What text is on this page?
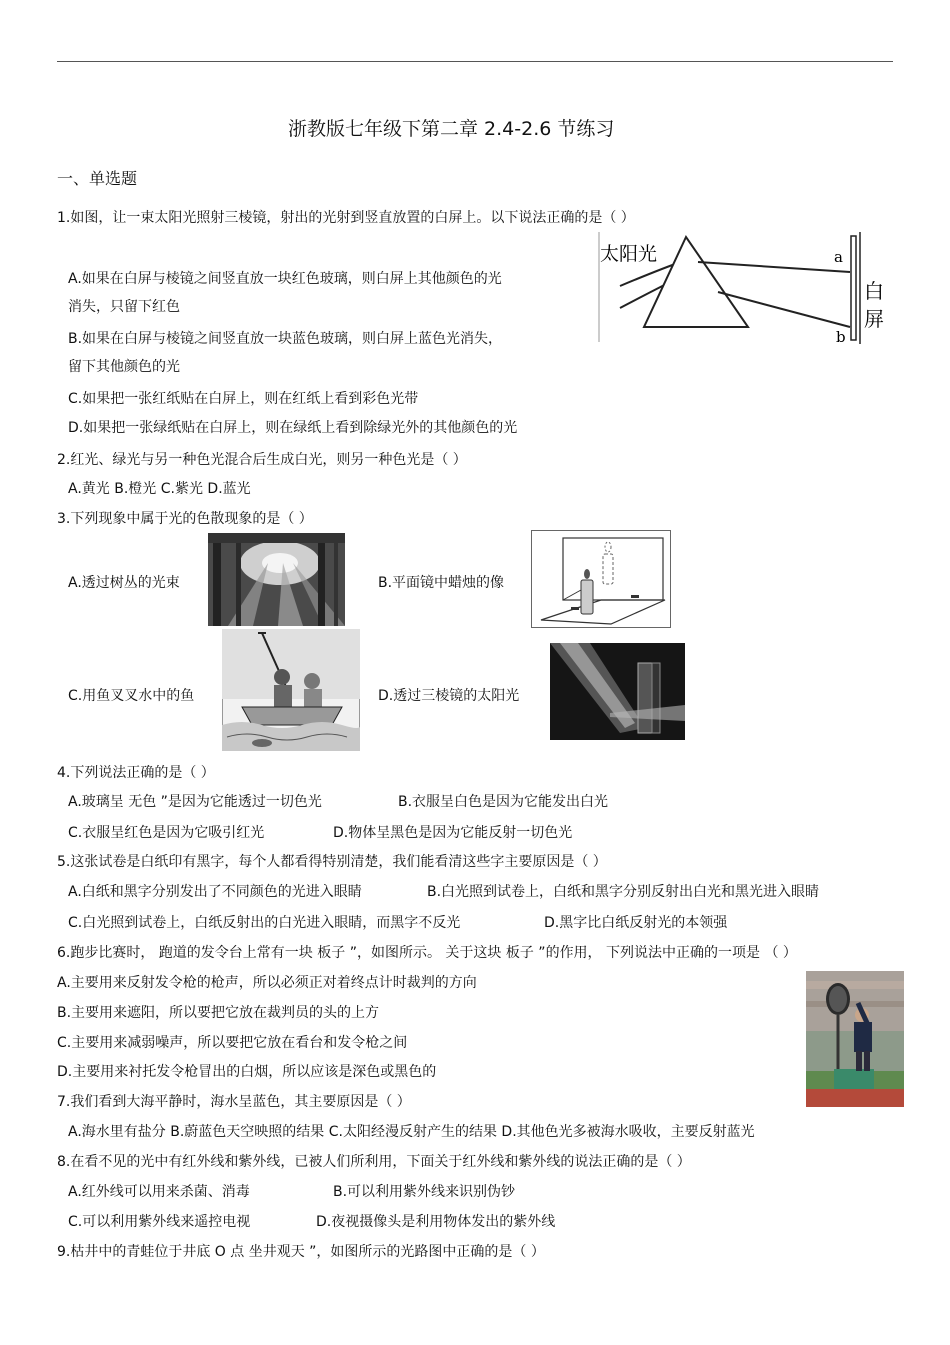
浙教版七年级下第二章 2.4-2.6 节练习
一、单选题
1.如图，让一束太阳光照射三棱镜，射出的光射到竖直放置的白屏上。以下说法正确的是（ ）
A.如果在白屏与棱镜之间竖直放一块红色玻璃，则白屏上其他颜色的光
消失，只留下红色
B.如果在白屏与棱镜之间竖直放一块蓝色玻璃，则白屏上蓝色光消失，
留下其他颜色的光
C.如果把一张红纸贴在白屏上，则在红纸上看到彩色光带
D.如果把一张绿纸贴在白屏上，则在绿纸上看到除绿光外的其他颜色的光
太阳光	a
b
白
屏
2.红光、绿光与另一种色光混合后生成白光，则另一种色光是（ ）
A.黄光 B.橙光 C.紫光 D.蓝光
3.下列现象中属于光的色散现象的是（ ）
A.透过树丛的光束	B.平面镜中蜡烛的像
C.用鱼叉叉水中的鱼	D.透过三棱镜的太阳光
4.下列说法正确的是（ ）
A.玻璃呈 无色 ”是因为它能透过一切色光	B.衣服呈白色是因为它能发出白光
C.衣服呈红色是因为它吸引红光	D.物体呈黑色是因为它能反射一切色光
5.这张试卷是白纸印有黑字，每个人都看得特别清楚，我们能看清这些字主要原因是（ ）
A.白纸和黑字分别发出了不同颜色的光进入眼睛	B.白光照到试卷上，白纸和黑字分别反射出白光和黑光进入眼睛
C.白光照到试卷上，白纸反射出的白光进入眼睛，而黑字不反光	D.黑字比白纸反射光的本领强
6.跑步比赛时， 跑道的发令台上常有一块 板子 ”，如图所示。 关于这块 板子 ”的作用， 下列说法中正确的一项是 （ ）
A.主要用来反射发令枪的枪声，所以必须正对着终点计时裁判的方向
B.主要用来遮阳，所以要把它放在裁判员的头的上方
C.主要用来减弱噪声，所以要把它放在看台和发令枪之间
D.主要用来衬托发令枪冒出的白烟，所以应该是深色或黑色的
7.我们看到大海平静时，海水呈蓝色，其主要原因是（ ）
A.海水里有盐分 B.蔚蓝色天空映照的结果 C.太阳经漫反射产生的结果 D.其他色光多被海水吸收，主要反射蓝光
8.在看不见的光中有红外线和紫外线，已被人们所利用，下面关于红外线和紫外线的说法正确的是（ ）
A.红外线可以用来杀菌、消毒	B.可以利用紫外线来识别伪钞
C.可以利用紫外线来遥控电视	D.夜视摄像头是利用物体发出的紫外线
9.枯井中的青蛙位于井底 O 点 坐井观天 ”，如图所示的光路图中正确的是（ ）
